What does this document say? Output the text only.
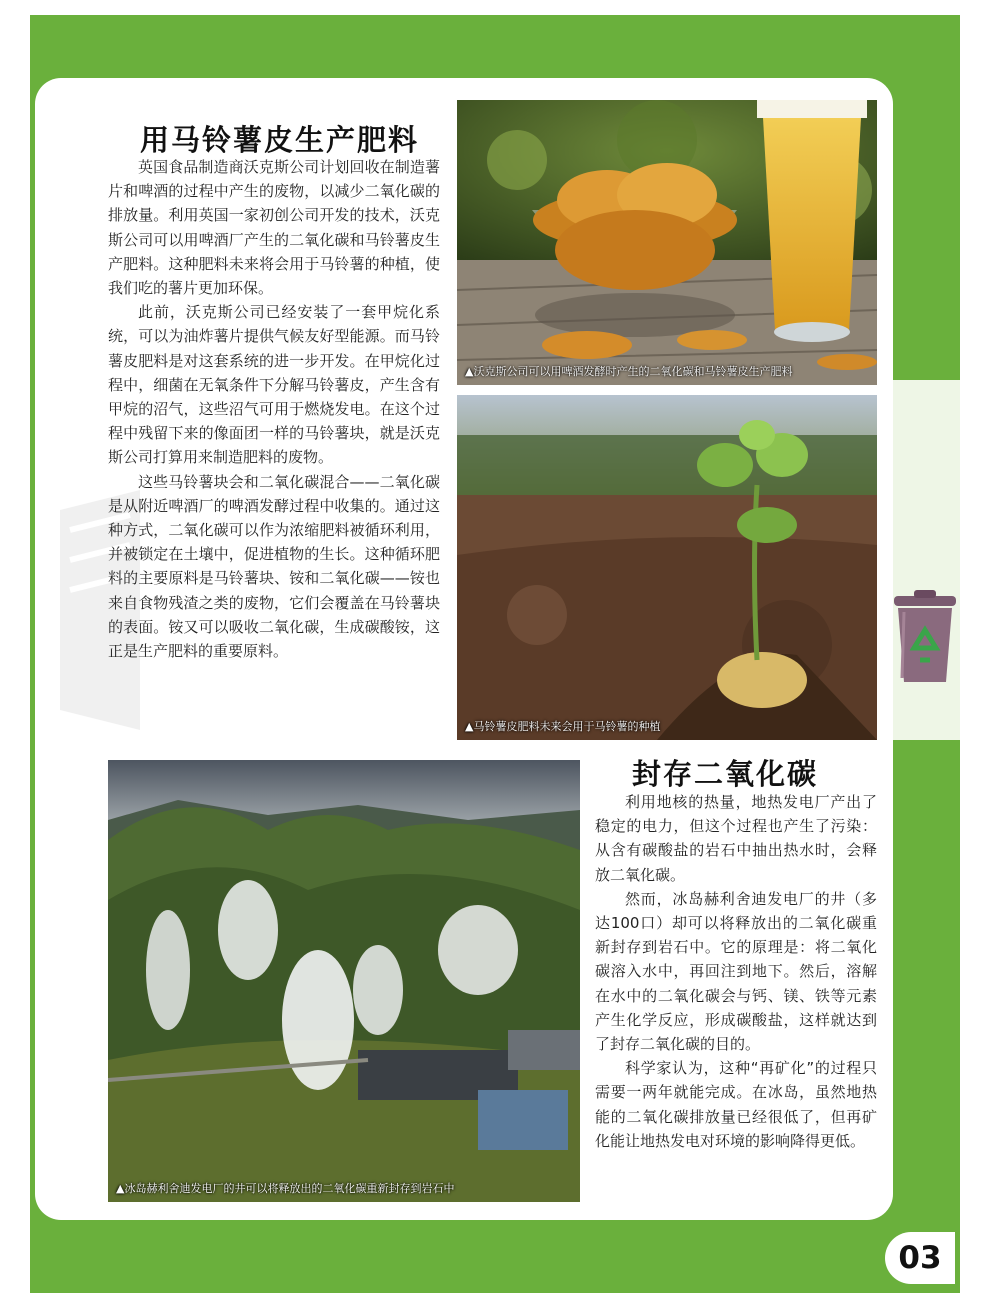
用马铃薯皮生产肥料

英国食品制造商沃克斯公司计划回收在制造薯片和啤酒的过程中产生的废物，以减少二氧化碳的排放量。利用英国一家初创公司开发的技术，沃克斯公司可以用啤酒厂产生的二氧化碳和马铃薯皮生产肥料。这种肥料未来将会用于马铃薯的种植，使我们吃的薯片更加环保。

此前，沃克斯公司已经安装了一套甲烷化系统，可以为油炸薯片提供气候友好型能源。而马铃薯皮肥料是对这套系统的进一步开发。在甲烷化过程中，细菌在无氧条件下分解马铃薯皮，产生含有甲烷的沼气，这些沼气可用于燃烧发电。在这个过程中残留下来的像面团一样的马铃薯块，就是沃克斯公司打算用来制造肥料的废物。

这些马铃薯块会和二氧化碳混合——二氧化碳是从附近啤酒厂的啤酒发酵过程中收集的。通过这种方式，二氧化碳可以作为浓缩肥料被循环利用，并被锁定在土壤中，促进植物的生长。这种循环肥料的主要原料是马铃薯块、铵和二氧化碳——铵也来自食物残渣之类的废物，它们会覆盖在马铃薯块的表面。铵又可以吸收二氧化碳，生成碳酸铵，这正是生产肥料的重要原料。

▲沃克斯公司可以用啤酒发酵时产生的二氧化碳和马铃薯皮生产肥料
▲马铃薯皮肥料未来会用于马铃薯的种植
▲冰岛赫利舍迪发电厂的井可以将释放出的二氧化碳重新封存到岩石中
封存二氧化碳

利用地核的热量，地热发电厂产出了稳定的电力，但这个过程也产生了污染：从含有碳酸盐的岩石中抽出热水时，会释放二氧化碳。

然而，冰岛赫利舍迪发电厂的井（多达100口）却可以将释放出的二氧化碳重新封存到岩石中。它的原理是：将二氧化碳溶入水中，再回注到地下。然后，溶解在水中的二氧化碳会与钙、镁、铁等元素产生化学反应，形成碳酸盐，这样就达到了封存二氧化碳的目的。

科学家认为，这种“再矿化”的过程只需要一两年就能完成。在冰岛，虽然地热能的二氧化碳排放量已经很低了，但再矿化能让地热发电对环境的影响降得更低。

03
